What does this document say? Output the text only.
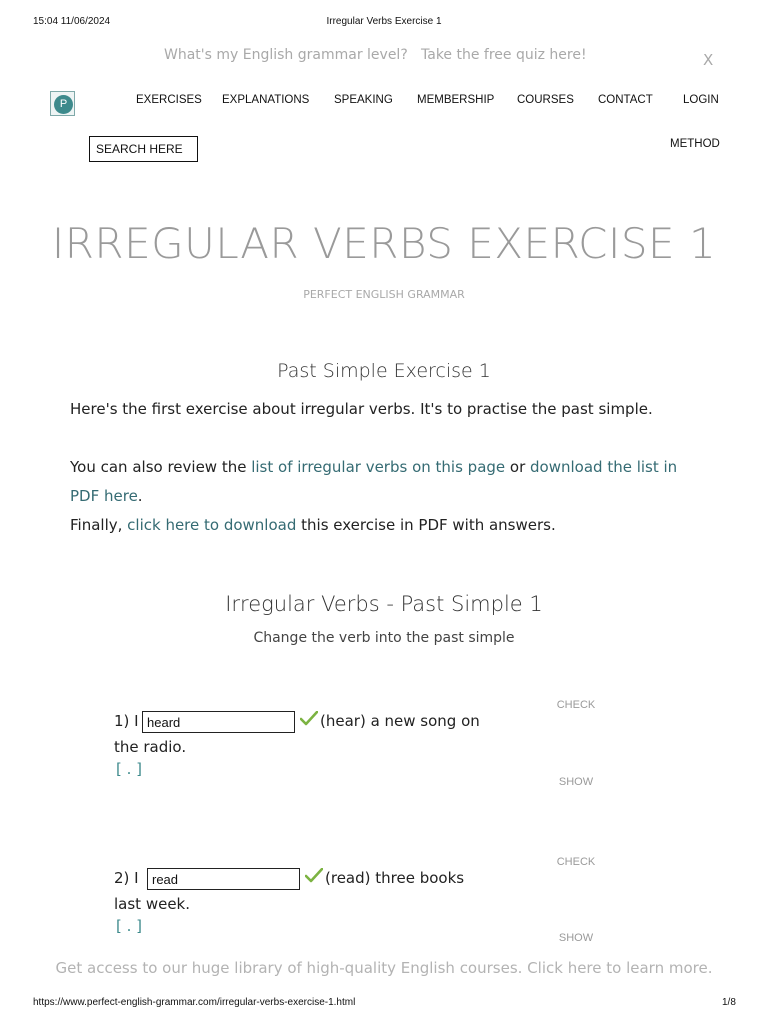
15:04 11/06/2024	Irregular Verbs Exercise 1
What's my English grammar level? Take the free quiz here!	X
P	EXERCISES EXPLANATIONS SPEAKING MEMBERSHIP COURSES CONTACT	LOGIN
SEARCH HERE	METHOD
IRREGULAR VERBS EXERCISE 1
PERFECT ENGLISH GRAMMAR
Past Simple Exercise 1
Here's the first exercise about irregular verbs. It's to practise the past simple.
You can also review the list of irregular verbs on this page or download the list in PDF here.
Finally, click here to download this exercise in PDF with answers.
Irregular Verbs - Past Simple 1
Change the verb into the past simple
CHECK
1) I heard	(hear) a new song on
the radio.
[ . ]
SHOW
CHECK
2) I	read	(read) three books
last week.
[ . ]
SHOW
Get access to our huge library of high-quality English courses. Click here to learn more.
https://www.perfect-english-grammar.com/irregular-verbs-exercise-1.html	1/8
